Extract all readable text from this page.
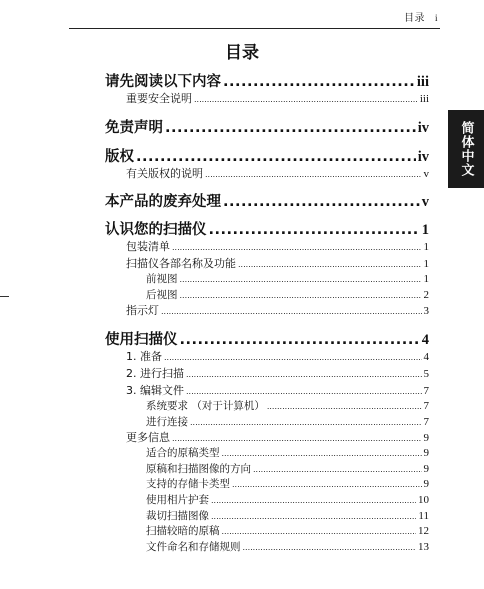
目录 i
简体中文
目录
请先阅读以下内容 .....	iii
重要安全说明 .....	iii
免责声明 .....	iv
版权 .....	iv
有关版权的说明 .....	v
本产品的废弃处理 .....	v
认识您的扫描仪 .....	1
包装清单 .....	1
扫描仪各部名称及功能 .....	1
前视图 .....	1
后视图 .....	2
指示灯 .....	3
使用扫描仪 .....	4
1. 准备 .....	4
2. 进行扫描 .....	5
3. 编辑文件 .....	7
系统要求 （对于计算机） .....	7
进行连接 .....	7
更多信息 .....	9
适合的原稿类型 .....	9
原稿和扫描图像的方向 .....	9
支持的存储卡类型 .....	9
使用相片护套 .....	10
裁切扫描图像 .....	11
扫描较暗的原稿 .....	12
文件命名和存储规则 .....	13
